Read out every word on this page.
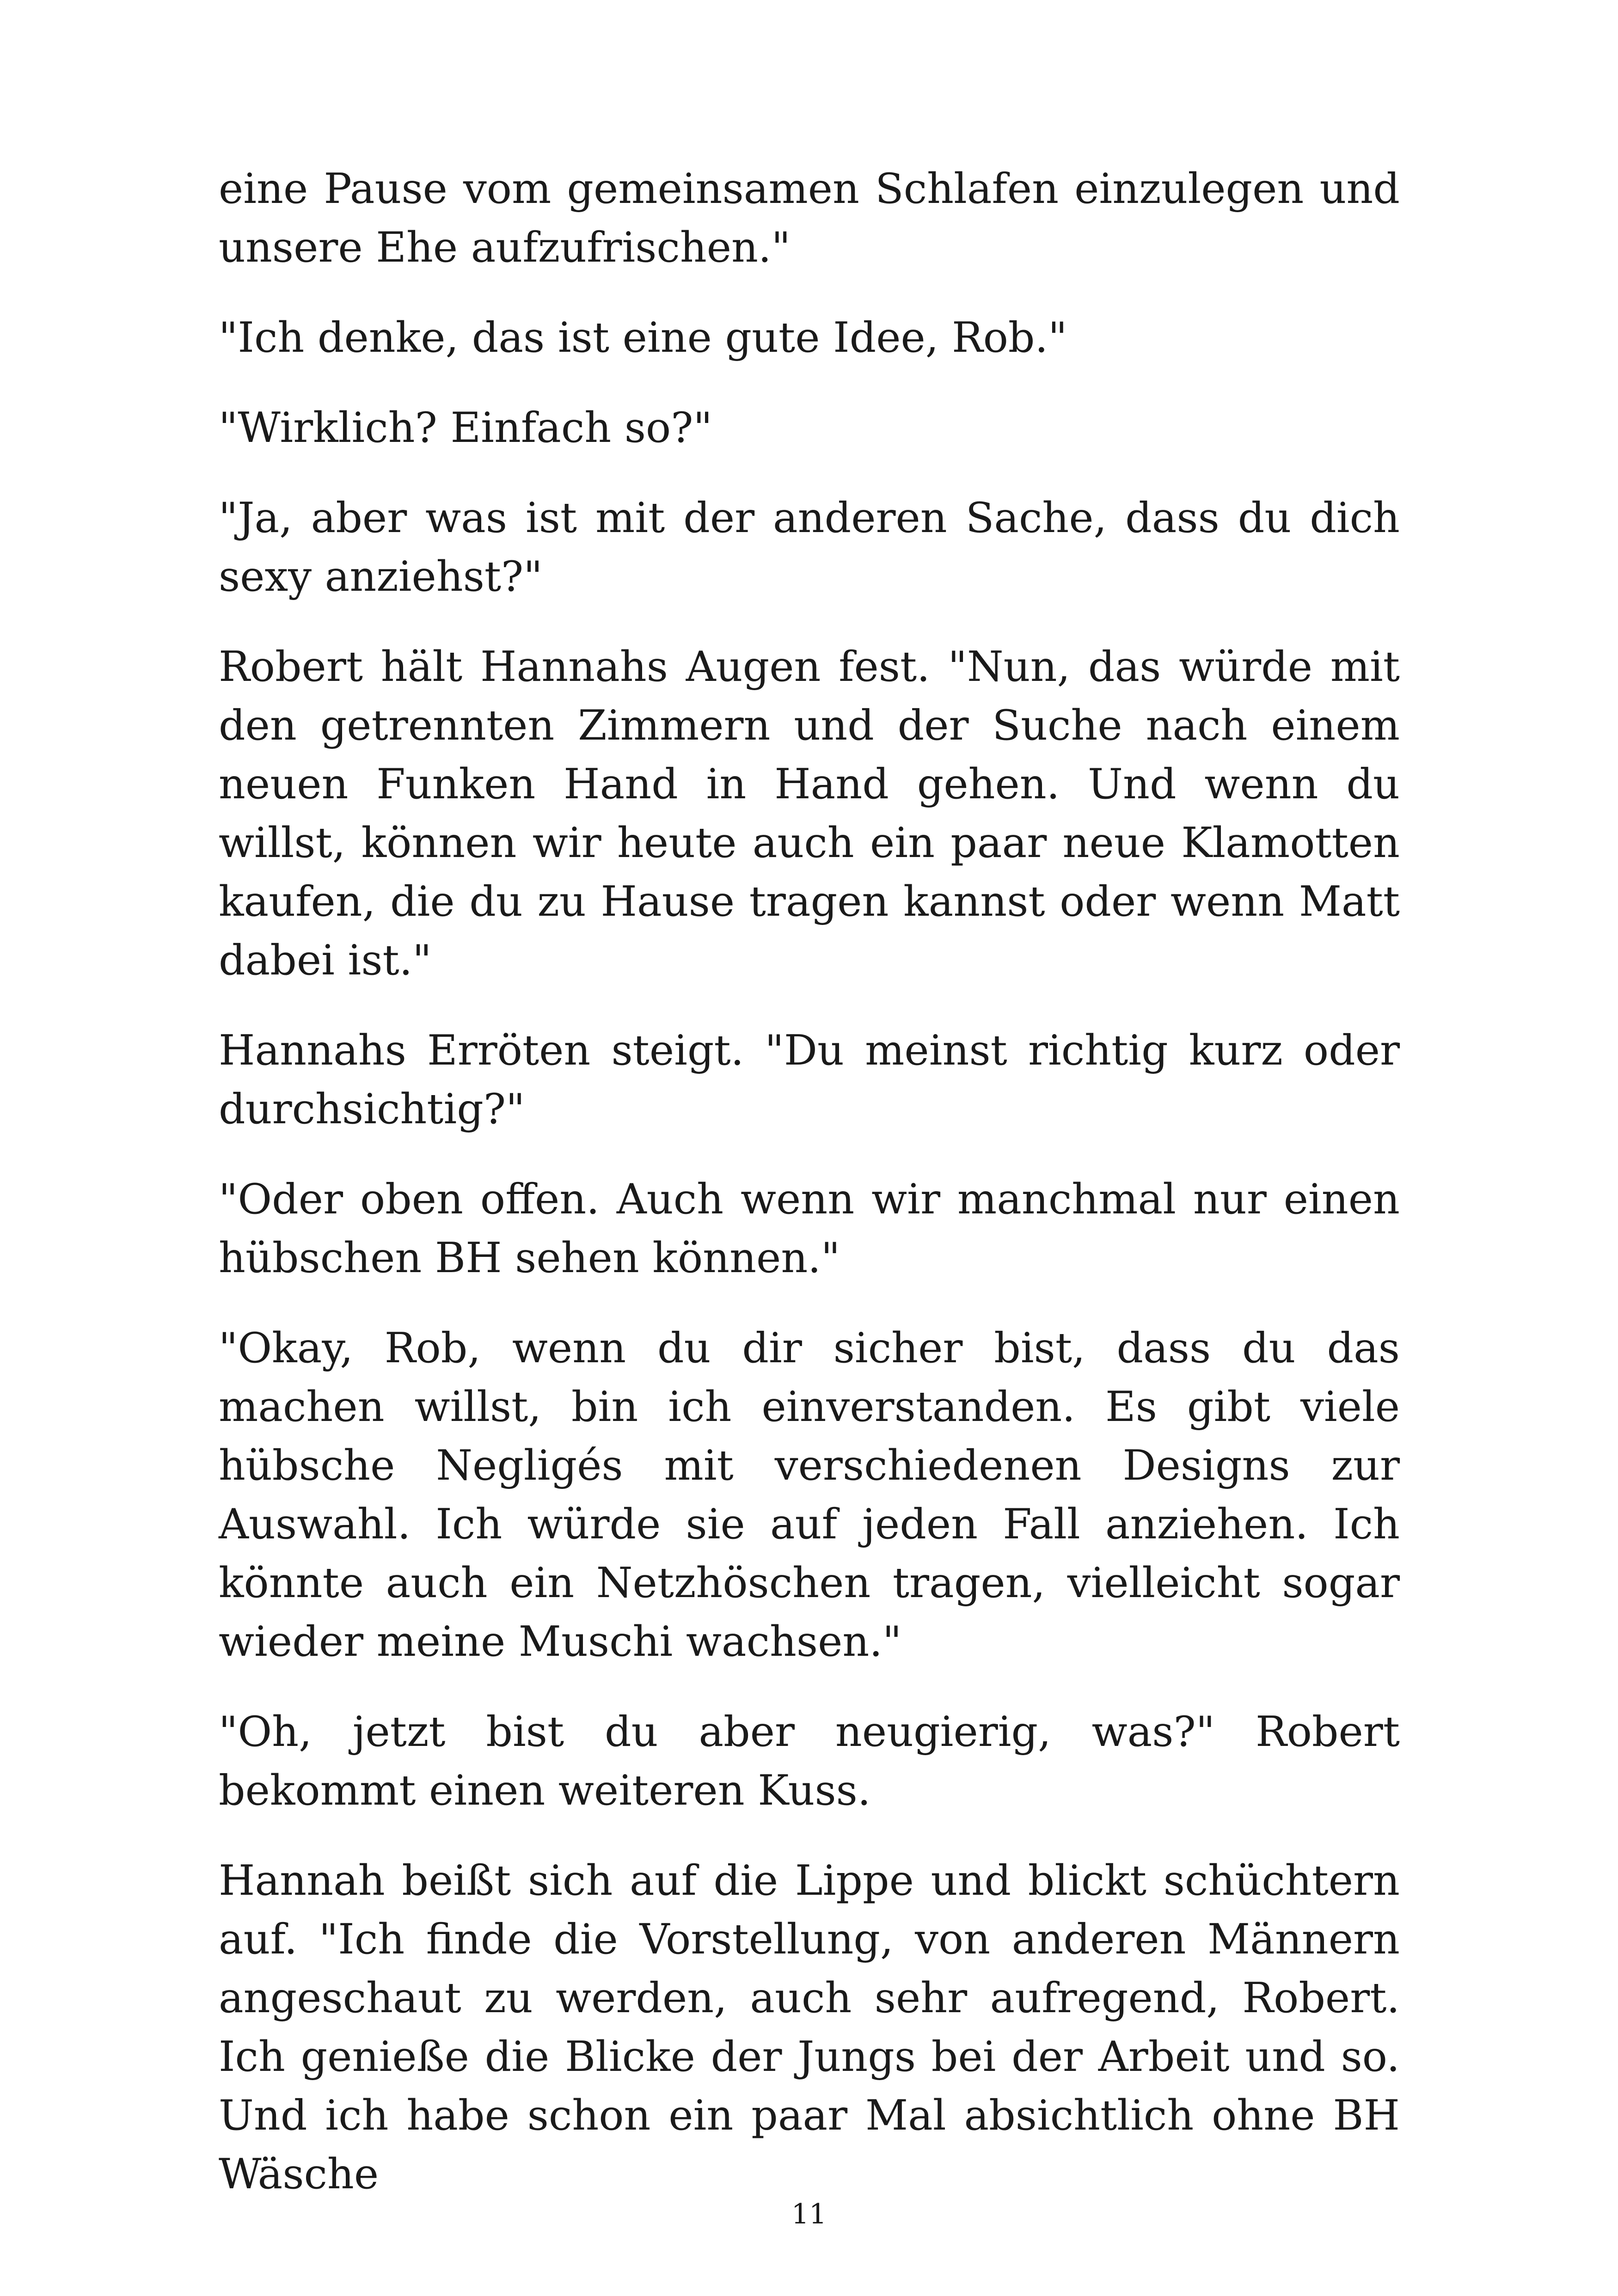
eine Pause vom gemeinsamen Schlafen einzulegen und unsere Ehe aufzufrischen."

"Ich denke, das ist eine gute Idee, Rob."

"Wirklich? Einfach so?"

"Ja, aber was ist mit der anderen Sache, dass du dich sexy anziehst?"

Robert hält Hannahs Augen fest. "Nun, das würde mit den getrennten Zimmern und der Suche nach einem neuen Funken Hand in Hand gehen. Und wenn du willst, können wir heute auch ein paar neue Klamotten kaufen, die du zu Hause tragen kannst oder wenn Matt dabei ist."

Hannahs Erröten steigt. "Du meinst richtig kurz oder durchsichtig?"

"Oder oben offen. Auch wenn wir manchmal nur einen hübschen BH sehen können."

"Okay, Rob, wenn du dir sicher bist, dass du das machen willst, bin ich einverstanden. Es gibt viele hübsche Negligés mit verschiedenen Designs zur Auswahl. Ich würde sie auf jeden Fall anziehen. Ich könnte auch ein Netzhöschen tragen, vielleicht sogar wieder meine Muschi wachsen."

"Oh, jetzt bist du aber neugierig, was?" Robert bekommt einen weiteren Kuss.

Hannah beißt sich auf die Lippe und blickt schüchtern auf. "Ich finde die Vorstellung, von anderen Männern angeschaut zu werden, auch sehr aufregend, Robert. Ich genieße die Blicke der Jungs bei der Arbeit und so. Und ich habe schon ein paar Mal absichtlich ohne BH Wäsche

11
